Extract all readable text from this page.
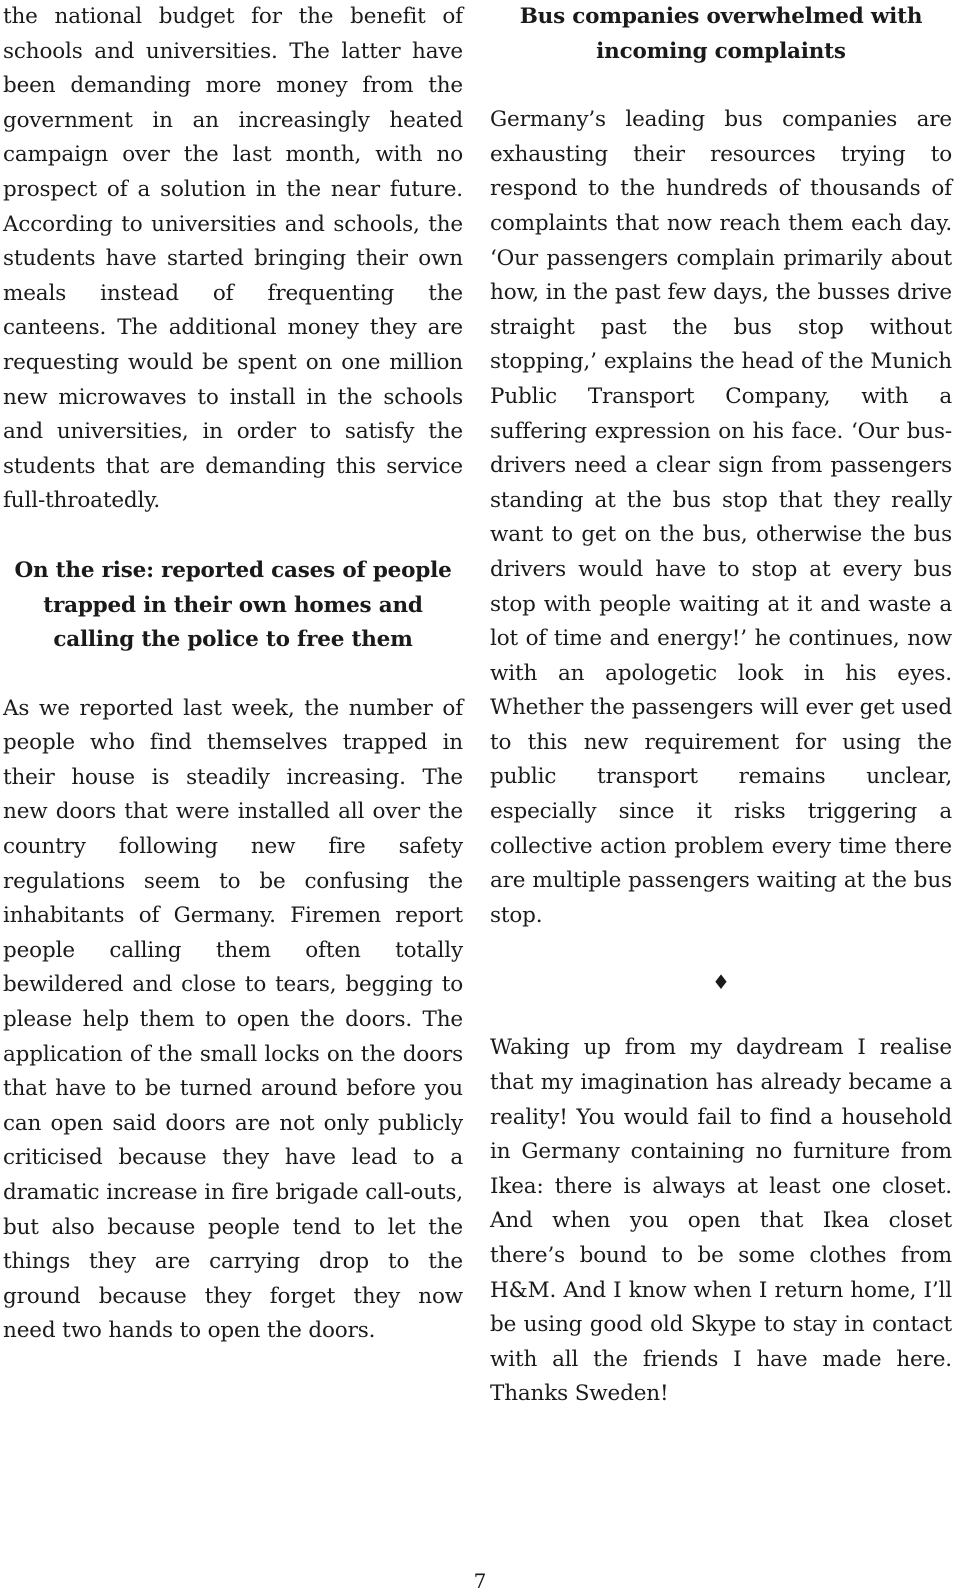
the national budget for the benefit of schools and universities. The latter have been demanding more money from the government in an increasingly heated campaign over the last month, with no prospect of a solution in the near future. According to universities and schools, the students have started bringing their own meals instead of frequenting the canteens. The additional money they are requesting would be spent on one million new microwaves to install in the schools and universities, in order to satisfy the students that are demanding this service full-throatedly.

On the rise: reported cases of people trapped in their own homes and calling the police to free them

As we reported last week, the number of people who find themselves trapped in their house is steadily increasing. The new doors that were installed all over the country following new fire safety regulations seem to be confusing the inhabitants of Germany. Firemen report people calling them often totally bewildered and close to tears, begging to please help them to open the doors. The application of the small locks on the doors that have to be turned around before you can open said doors are not only publicly criticised because they have lead to a dramatic increase in fire brigade call-outs, but also because people tend to let the things they are carrying drop to the ground because they forget they now need two hands to open the doors.

Bus companies overwhelmed with incoming complaints

Germany’s leading bus companies are exhausting their resources trying to respond to the hundreds of thousands of complaints that now reach them each day. ‘Our passengers complain primarily about how, in the past few days, the busses drive straight past the bus stop without stopping,’ explains the head of the Munich Public Transport Company, with a suffering expression on his face. ‘Our bus-drivers need a clear sign from passengers standing at the bus stop that they really want to get on the bus, otherwise the bus drivers would have to stop at every bus stop with people waiting at it and waste a lot of time and energy!’ he continues, now with an apologetic look in his eyes. Whether the passengers will ever get used to this new requirement for using the public transport remains unclear, especially since it risks triggering a collective action problem every time there are multiple passengers waiting at the bus stop.

♦

Waking up from my daydream I realise that my imagination has already became a reality! You would fail to find a household in Germany containing no furniture from Ikea: there is always at least one closet. And when you open that Ikea closet there’s bound to be some clothes from H&M. And I know when I return home, I’ll be using good old Skype to stay in contact with all the friends I have made here. Thanks Sweden!

7
